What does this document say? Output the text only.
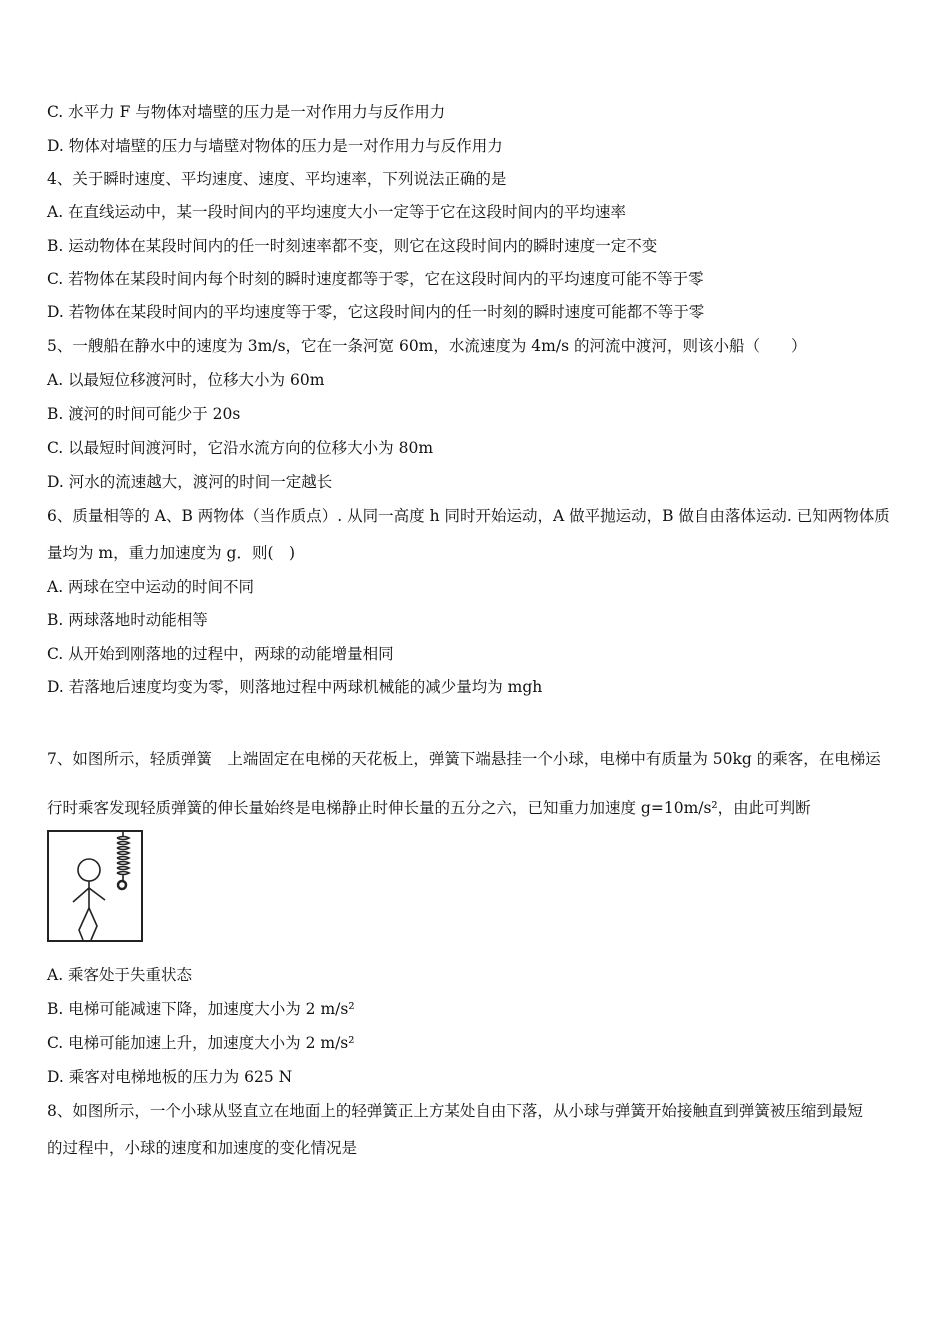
C. 水平力 F 与物体对墙壁的压力是一对作用力与反作用力
D. 物体对墙壁的压力与墙壁对物体的压力是一对作用力与反作用力
4、关于瞬时速度、平均速度、速度、平均速率，下列说法正确的是
A. 在直线运动中，某一段时间内的平均速度大小一定等于它在这段时间内的平均速率
B. 运动物体在某段时间内的任一时刻速率都不变，则它在这段时间内的瞬时速度一定不变
C. 若物体在某段时间内每个时刻的瞬时速度都等于零，它在这段时间内的平均速度可能不等于零
D. 若物体在某段时间内的平均速度等于零，它这段时间内的任一时刻的瞬时速度可能都不等于零
5、一艘船在静水中的速度为 3m/s，它在一条河宽 60m，水流速度为 4m/s 的河流中渡河，则该小船（　　）
A. 以最短位移渡河时，位移大小为 60m
B. 渡河的时间可能少于 20s
C. 以最短时间渡河时，它沿水流方向的位移大小为 80m
D. 河水的流速越大，渡河的时间一定越长
6、质量相等的 A、B 两物体（当作质点）. 从同一高度 h 同时开始运动，A 做平抛运动，B 做自由落体运动. 已知两物体质
量均为 m，重力加速度为 g．则(　)
A. 两球在空中运动的时间不同
B. 两球落地时动能相等
C. 从开始到刚落地的过程中，两球的动能增量相同
D. 若落地后速度均变为零，则落地过程中两球机械能的减少量均为 mgh
7、如图所示，轻质弹簧　上端固定在电梯的天花板上，弹簧下端悬挂一个小球，电梯中有质量为 50kg 的乘客，在电梯运
行时乘客发现轻质弹簧的伸长量始终是电梯静止时伸长量的五分之六，已知重力加速度 g=10m/s²，由此可判断
A. 乘客处于失重状态
B. 电梯可能减速下降，加速度大小为 2 m/s²
C. 电梯可能加速上升，加速度大小为 2 m/s²
D. 乘客对电梯地板的压力为 625 N
8、如图所示，一个小球从竖直立在地面上的轻弹簧正上方某处自由下落，从小球与弹簧开始接触直到弹簧被压缩到最短
的过程中，小球的速度和加速度的变化情况是
